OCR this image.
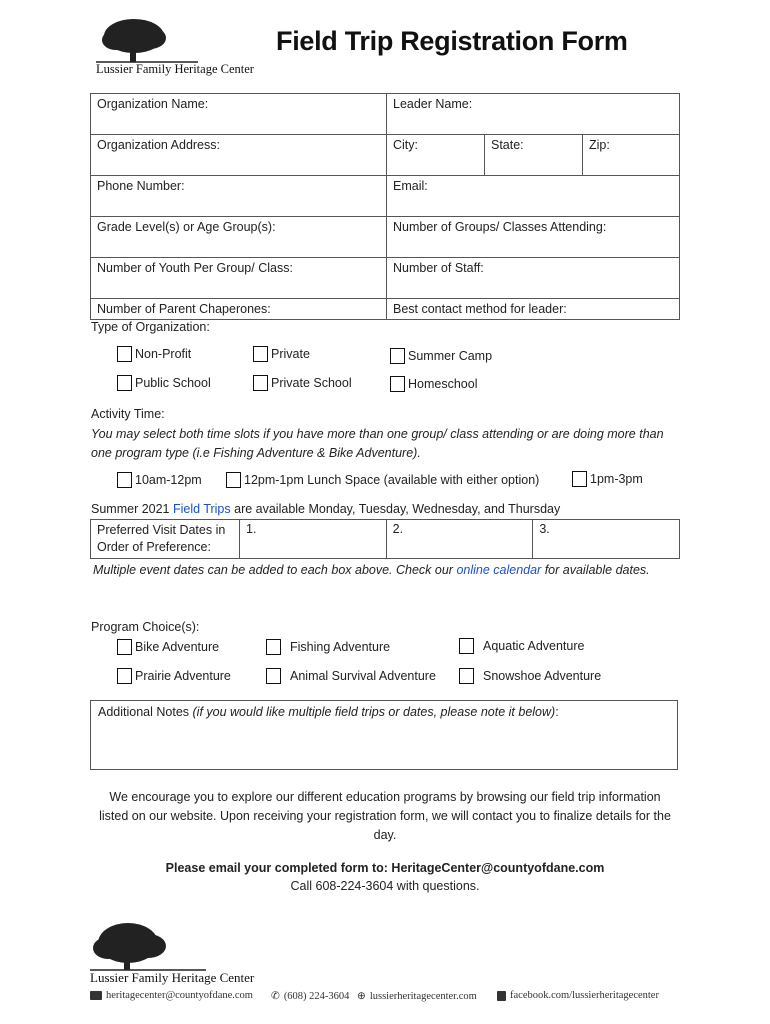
Lussier Family Heritage Center
Field Trip Registration Form
Organization Name:	Leader Name:		
Organization Address:	City:	State:	Zip:
Phone Number:	Email:		
Grade Level(s) or Age Group(s):	Number of Groups/ Classes Attending:		
Number of Youth Per Group/ Class:	Number of Staff:		
Number of Parent Chaperones:	Best contact method for leader:		
Type of Organization:
Non-Profit	Private	Summer Camp
Public School	Private School	Homeschool
Activity Time:
You may select both time slots if you have more than one group/ class attending or are doing more than one program type (i.e Fishing Adventure & Bike Adventure).
10am-12pm	12pm-1pm Lunch Space (available with either option)	1pm-3pm
Summer 2021 Field Trips are available Monday, Tuesday, Wednesday, and Thursday
Preferred Visit Dates in Order of Preference:	1.	2.	3.
Multiple event dates can be added to each box above. Check our online calendar for available dates.
Program Choice(s):
Bike Adventure	Fishing Adventure	Aquatic Adventure
Prairie Adventure	Animal Survival Adventure	Snowshoe Adventure
Additional Notes (if you would like multiple field trips or dates, please note it below):
We encourage you to explore our different education programs by browsing our field trip information listed on our website. Upon receiving your registration form, we will contact you to finalize details for the day.
Please email your completed form to: HeritageCenter@countyofdane.com
Call 608-224-3604 with questions.
Lussier Family Heritage Center
heritagecenter@countyofdane.com ✆ (608) 224-3604 ⊕ lussierheritagecenter.com	facebook.com/lussierheritagecenter
